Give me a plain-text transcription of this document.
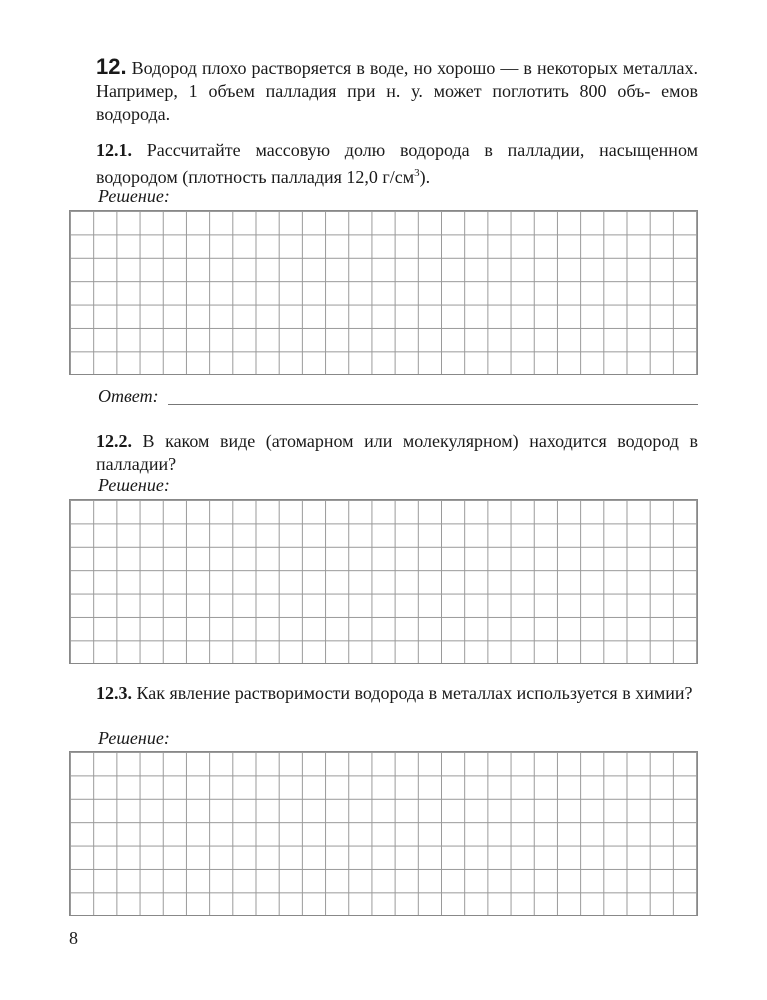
12. Водород плохо растворяется в воде, но хорошо — в некоторых металлах. Например, 1 объем палладия при н. у. может поглотить 800 объ- емов водорода.
12.1. Рассчитайте массовую долю водорода в палладии, насыщенном водородом (плотность палладия 12,0 $г/см^3$).
Решение:
Ответ:
12.2. В каком виде (атомарном или молекулярном) находится водород в палладии?
Решение:
12.3. Как явление растворимости водорода в металлах используется в химии?
Решение:
8
